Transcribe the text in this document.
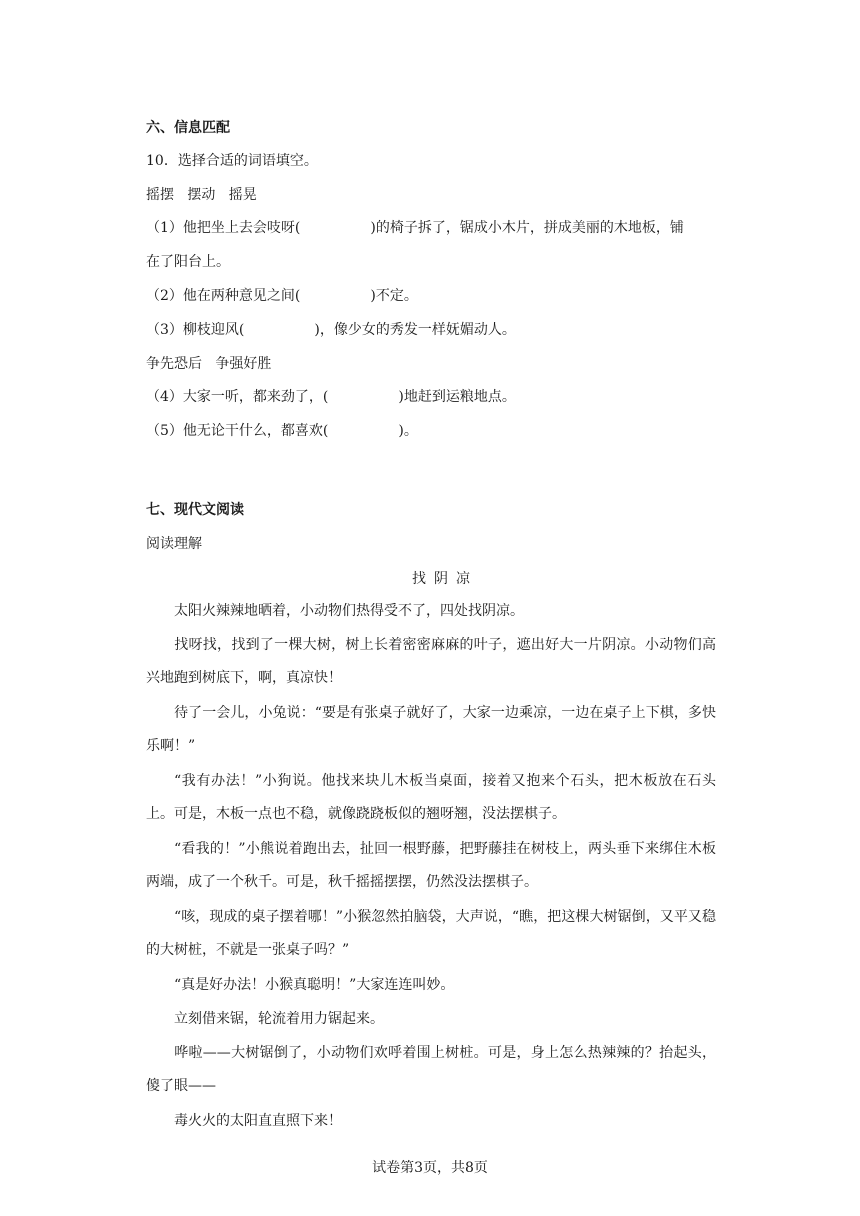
六、信息匹配
10．选择合适的词语填空。
摇摆   摆动   摇晃
（1）他把坐上去会吱呀(	)的椅子拆了，锯成小木片，拼成美丽的木地板，铺
在了阳台上。
（2）他在两种意见之间(	)不定。
（3）柳枝迎风(	)，像少女的秀发一样妩媚动人。
争先恐后   争强好胜
（4）大家一听，都来劲了，(	)地赶到运粮地点。
（5）他无论干什么，都喜欢(	)。
七、现代文阅读
阅读理解
找阴凉
太阳火辣辣地晒着，小动物们热得受不了，四处找阴凉。
找呀找，找到了一棵大树，树上长着密密麻麻的叶子，遮出好大一片阴凉。小动物们高兴地跑到树底下，啊，真凉快！
待了一会儿，小兔说：“要是有张桌子就好了，大家一边乘凉，一边在桌子上下棋，多快乐啊！”
“我有办法！”小狗说。他找来块儿木板当桌面，接着又抱来个石头，把木板放在石头上。可是，木板一点也不稳，就像跷跷板似的翘呀翘，没法摆棋子。
“看我的！”小熊说着跑出去，扯回一根野藤，把野藤挂在树枝上，两头垂下来绑住木板两端，成了一个秋千。可是，秋千摇摇摆摆，仍然没法摆棋子。
“咳，现成的桌子摆着哪！”小猴忽然拍脑袋，大声说，“瞧，把这棵大树锯倒，又平又稳的大树桩，不就是一张桌子吗？”
“真是好办法！小猴真聪明！”大家连连叫妙。
立刻借来锯，轮流着用力锯起来。
哗啦——大树锯倒了，小动物们欢呼着围上树桩。可是，身上怎么热辣辣的？抬起头，傻了眼——
毒火火的太阳直直照下来！
试卷第3页，共8页
